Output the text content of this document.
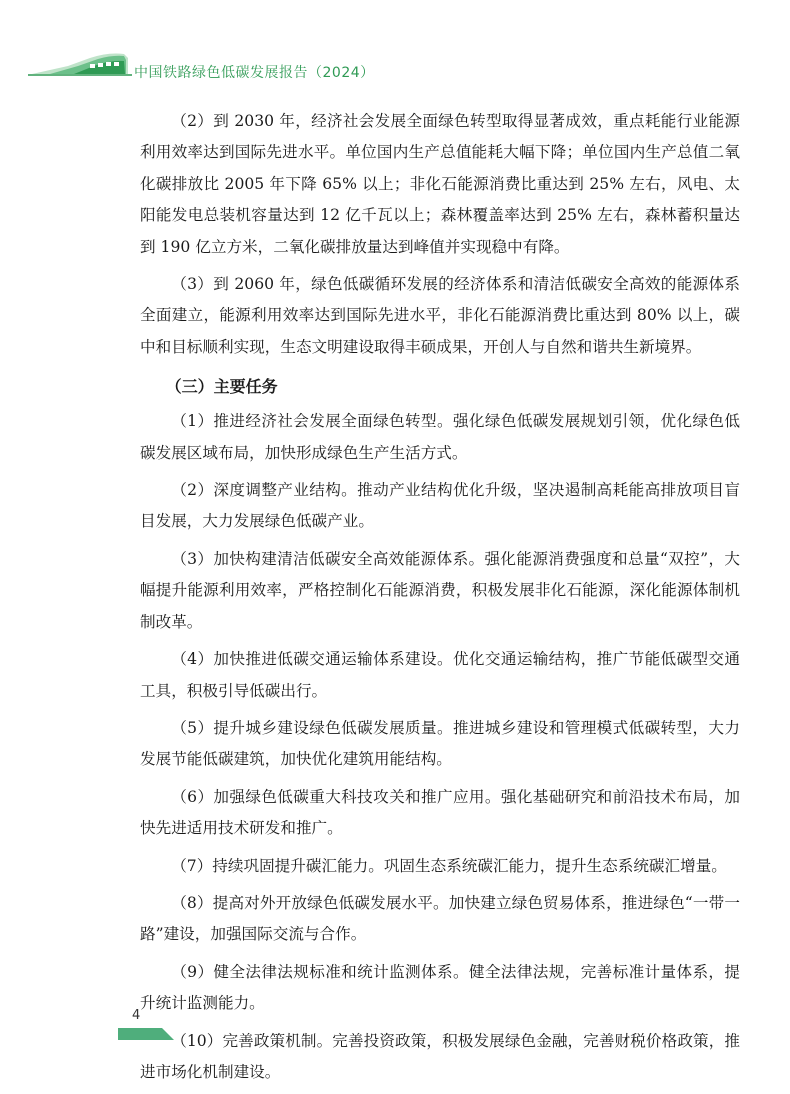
中国铁路绿色低碳发展报告（2024）

（2）到 2030 年，经济社会发展全面绿色转型取得显著成效，重点耗能行业能源利用效率达到国际先进水平。单位国内生产总值能耗大幅下降；单位国内生产总值二氧化碳排放比 2005 年下降 65% 以上；非化石能源消费比重达到 25% 左右，风电、太阳能发电总装机容量达到 12 亿千瓦以上；森林覆盖率达到 25% 左右，森林蓄积量达到 190 亿立方米，二氧化碳排放量达到峰值并实现稳中有降。

（3）到 2060 年，绿色低碳循环发展的经济体系和清洁低碳安全高效的能源体系全面建立，能源利用效率达到国际先进水平，非化石能源消费比重达到 80% 以上，碳中和目标顺利实现，生态文明建设取得丰硕成果，开创人与自然和谐共生新境界。

（三）主要任务

（1）推进经济社会发展全面绿色转型。强化绿色低碳发展规划引领，优化绿色低碳发展区域布局，加快形成绿色生产生活方式。

（2）深度调整产业结构。推动产业结构优化升级，坚决遏制高耗能高排放项目盲目发展，大力发展绿色低碳产业。

（3）加快构建清洁低碳安全高效能源体系。强化能源消费强度和总量“双控”，大幅提升能源利用效率，严格控制化石能源消费，积极发展非化石能源，深化能源体制机制改革。

（4）加快推进低碳交通运输体系建设。优化交通运输结构，推广节能低碳型交通工具，积极引导低碳出行。

（5）提升城乡建设绿色低碳发展质量。推进城乡建设和管理模式低碳转型，大力发展节能低碳建筑，加快优化建筑用能结构。

（6）加强绿色低碳重大科技攻关和推广应用。强化基础研究和前沿技术布局，加快先进适用技术研发和推广。

（7）持续巩固提升碳汇能力。巩固生态系统碳汇能力，提升生态系统碳汇增量。

（8）提高对外开放绿色低碳发展水平。加快建立绿色贸易体系，推进绿色“一带一路”建设，加强国际交流与合作。

（9）健全法律法规标准和统计监测体系。健全法律法规，完善标准计量体系，提升统计监测能力。

（10）完善政策机制。完善投资政策，积极发展绿色金融，完善财税价格政策，推进市场化机制建设。

4
